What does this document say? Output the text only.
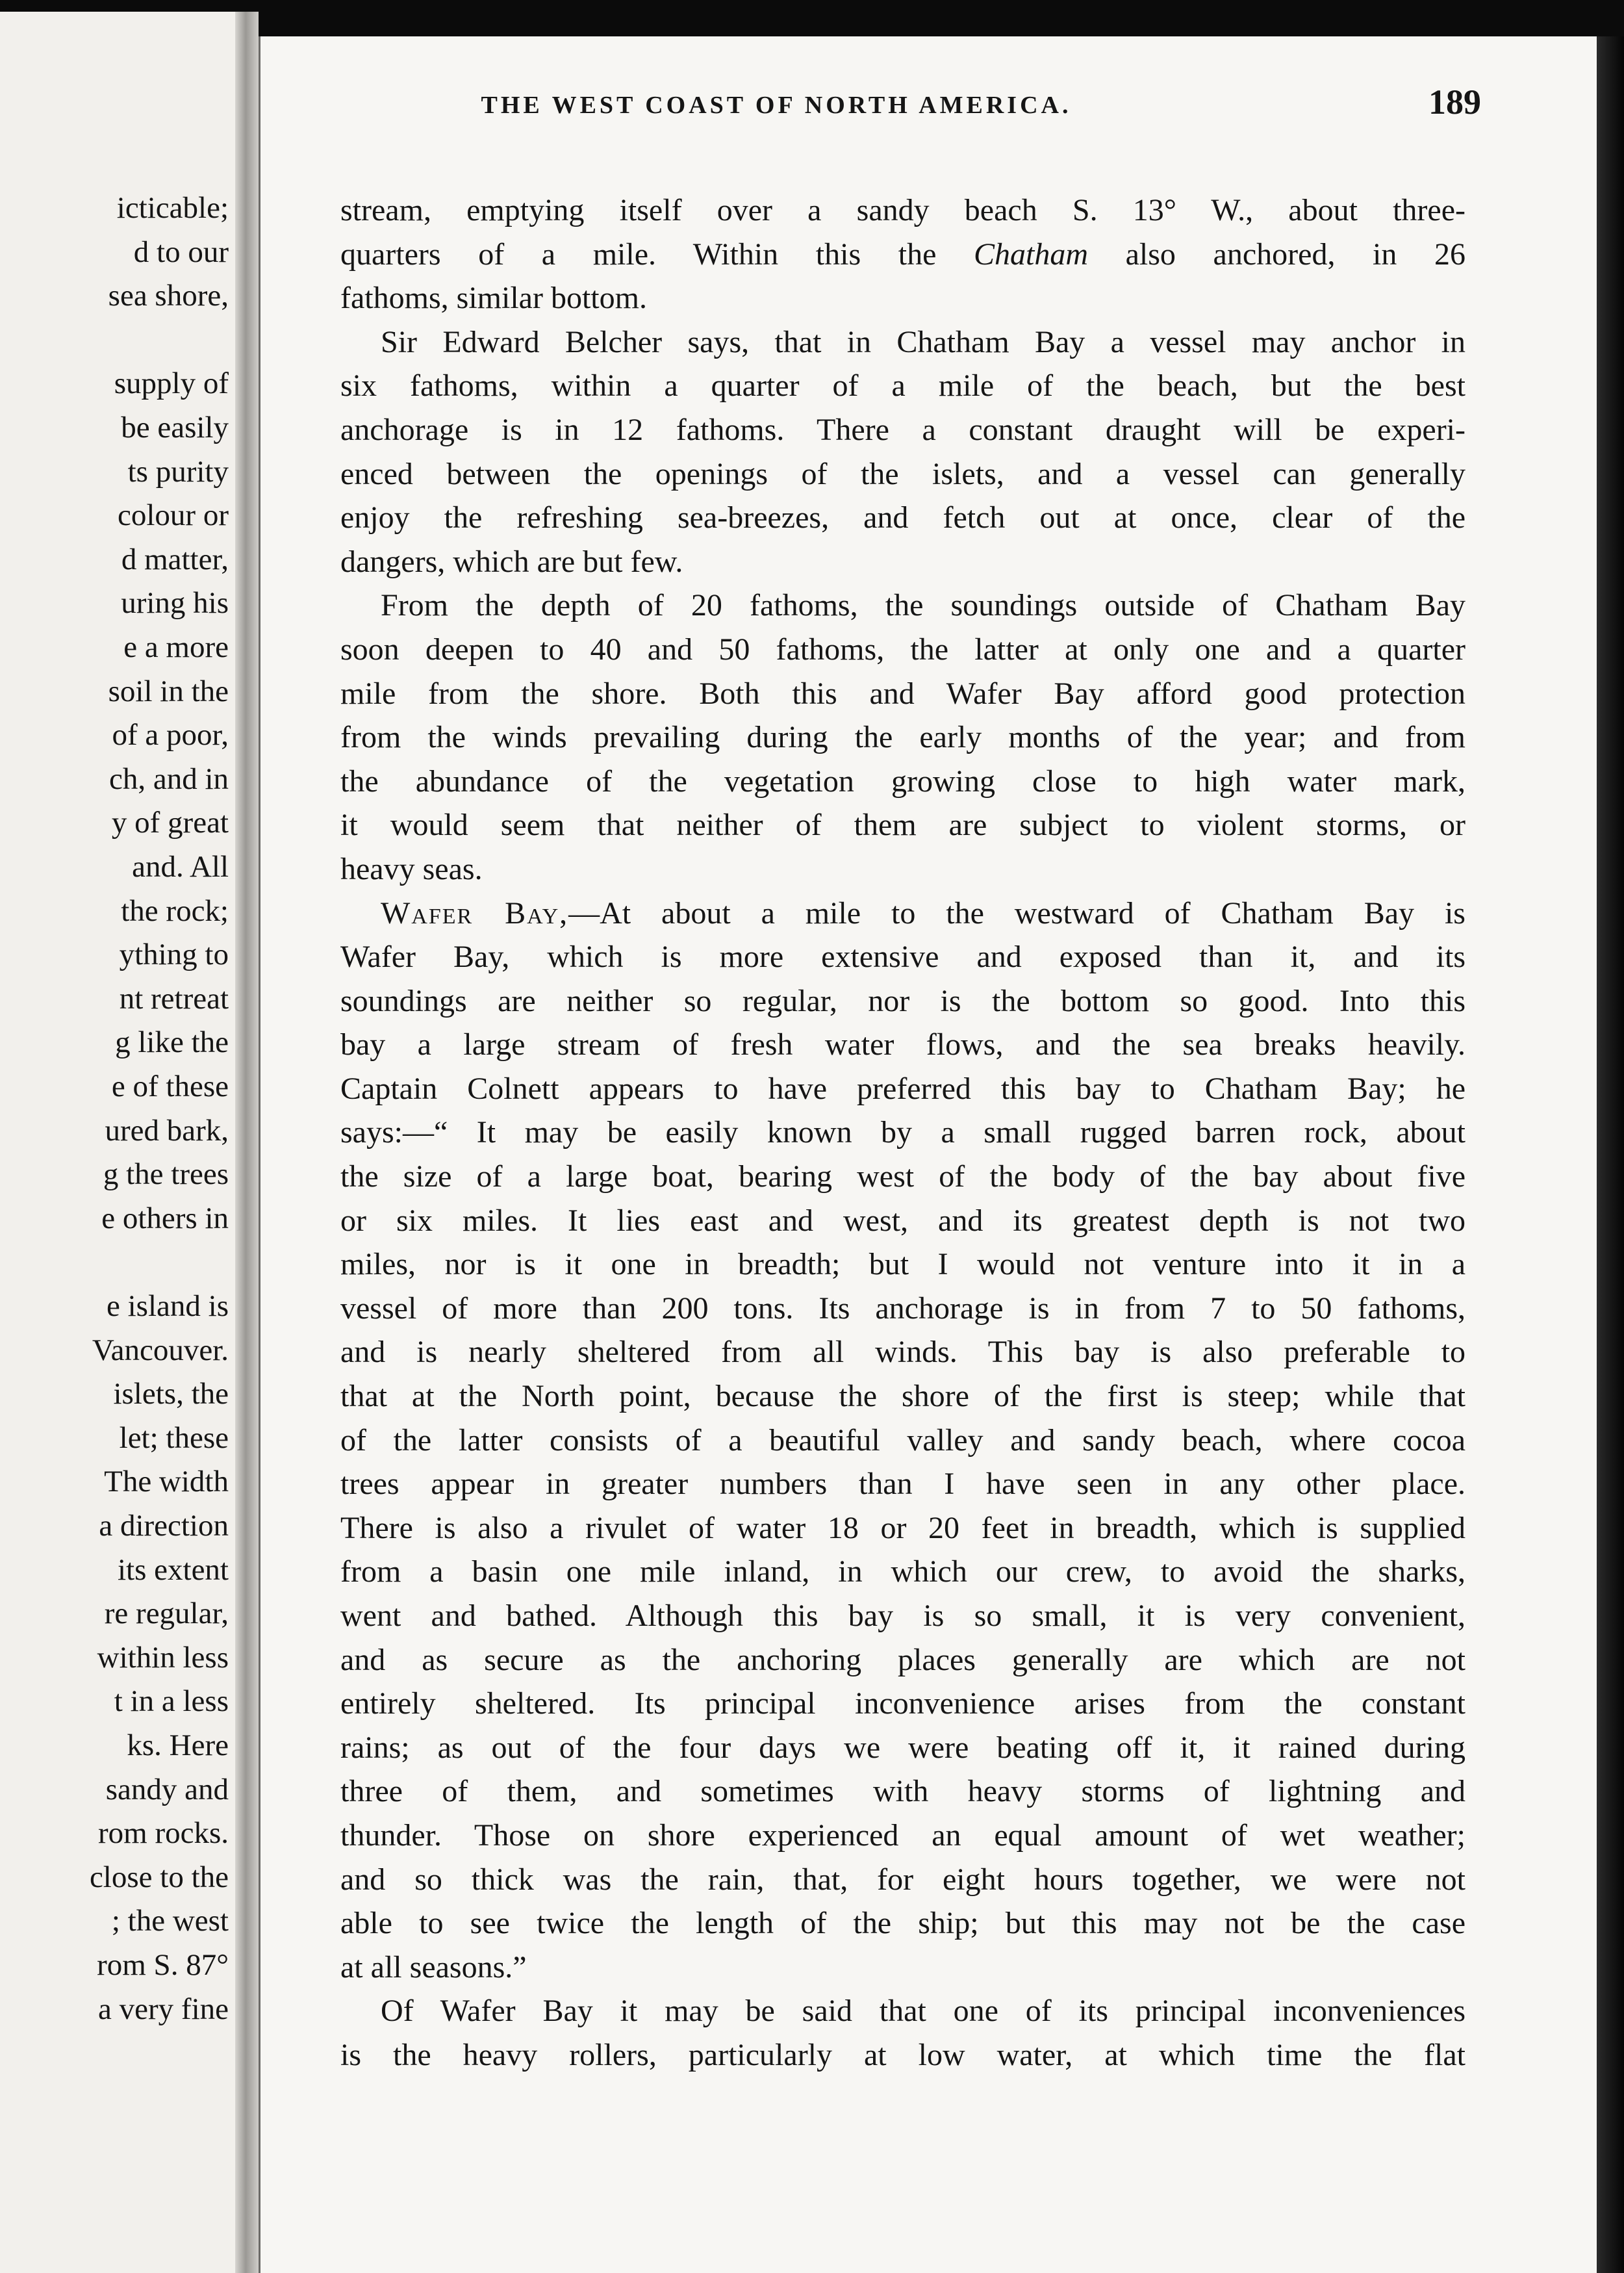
icticable;
d to our
sea shore,
supply of
be easily
ts purity
colour or
d matter,
uring his
e a more
soil in the
of a poor,
ch, and in
y of great
and. All
the rock;
ything to
nt retreat
g like the
e of these
ured bark,
g the trees
e others in
e island is
Vancouver.
islets, the
let; these
The width
a direction
its extent
re regular,
within less
t in a less
ks. Here
sandy and
rom rocks.
close to the
; the west
rom S. 87°
a very fine
THE WEST COAST OF NORTH AMERICA.	189
stream, emptying itself over a sandy beach S. 13° W., about three-
quarters of a mile. Within this the Chatham also anchored, in 26
fathoms, similar bottom.
Sir Edward Belcher says, that in Chatham Bay a vessel may anchor in
six fathoms, within a quarter of a mile of the beach, but the best
anchorage is in 12 fathoms. There a constant draught will be experi-
enced between the openings of the islets, and a vessel can generally
enjoy the refreshing sea-breezes, and fetch out at once, clear of the
dangers, which are but few.
From the depth of 20 fathoms, the soundings outside of Chatham Bay
soon deepen to 40 and 50 fathoms, the latter at only one and a quarter
mile from the shore. Both this and Wafer Bay afford good protection
from the winds prevailing during the early months of the year; and from
the abundance of the vegetation growing close to high water mark,
it would seem that neither of them are subject to violent storms, or
heavy seas.
Wafer Bay,—At about a mile to the westward of Chatham Bay is
Wafer Bay, which is more extensive and exposed than it, and its
soundings are neither so regular, nor is the bottom so good. Into this
bay a large stream of fresh water flows, and the sea breaks heavily.
Captain Colnett appears to have preferred this bay to Chatham Bay; he
says:—“ It may be easily known by a small rugged barren rock, about
the size of a large boat, bearing west of the body of the bay about five
or six miles. It lies east and west, and its greatest depth is not two
miles, nor is it one in breadth; but I would not venture into it in a
vessel of more than 200 tons. Its anchorage is in from 7 to 50 fathoms,
and is nearly sheltered from all winds. This bay is also preferable to
that at the North point, because the shore of the first is steep; while that
of the latter consists of a beautiful valley and sandy beach, where cocoa
trees appear in greater numbers than I have seen in any other place.
There is also a rivulet of water 18 or 20 feet in breadth, which is supplied
from a basin one mile inland, in which our crew, to avoid the sharks,
went and bathed. Although this bay is so small, it is very convenient,
and as secure as the anchoring places generally are which are not
entirely sheltered. Its principal inconvenience arises from the constant
rains; as out of the four days we were beating off it, it rained during
three of them, and sometimes with heavy storms of lightning and
thunder. Those on shore experienced an equal amount of wet weather;
and so thick was the rain, that, for eight hours together, we were not
able to see twice the length of the ship; but this may not be the case
at all seasons.”
Of Wafer Bay it may be said that one of its principal inconveniences
is the heavy rollers, particularly at low water, at which time the flat
